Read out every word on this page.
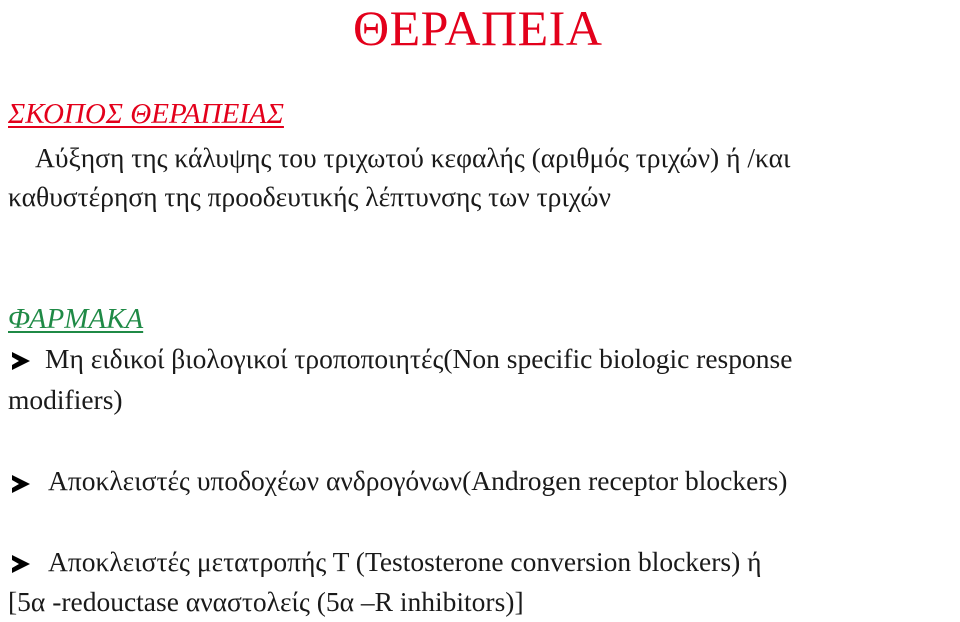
ΘΕΡΑΠΕΙΑ
ΣΚΟΠΟΣ ΘΕΡΑΠΕΙΑΣ
Αύξηση της κάλυψης του τριχωτού κεφαλής (αριθμός τριχών) ή /και
καθυστέρηση της προοδευτικής λέπτυνσης των τριχών
ΦΑΡΜΑΚΑ
Μη ειδικοί βιολογικοί τροποποιητές(Non specific biologic response
modifiers)
Αποκλειστές υποδοχέων ανδρογόνων(Androgen receptor blockers)
Αποκλειστές μετατροπής Τ (Testosterone conversion blockers) ή
[5α -redouctase αναστολείς (5α –R inhibitors)]
